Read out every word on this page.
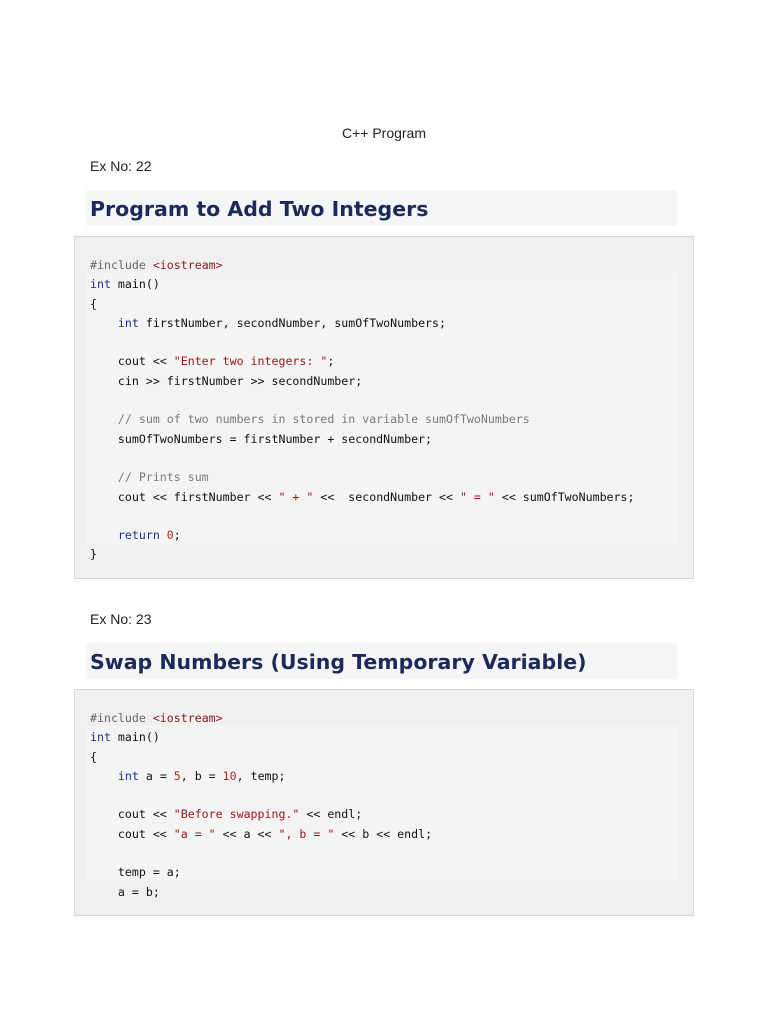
C++ Program
Ex No: 22
Program to Add Two Integers
#include <iostream>
int main()
{
int firstNumber, secondNumber, sumOfTwoNumbers;
cout << "Enter two integers: ";
cin >> firstNumber >> secondNumber;
// sum of two numbers in stored in variable sumOfTwoNumbers
sumOfTwoNumbers = firstNumber + secondNumber;
// Prints sum
cout << firstNumber << " + " <<  secondNumber << " = " << sumOfTwoNumbers;
return 0;
}
Ex No: 23
Swap Numbers (Using Temporary Variable)
#include <iostream>
int main()
{
int a = 5, b = 10, temp;
cout << "Before swapping." << endl;
cout << "a = " << a << ", b = " << b << endl;
temp = a;
a = b;
